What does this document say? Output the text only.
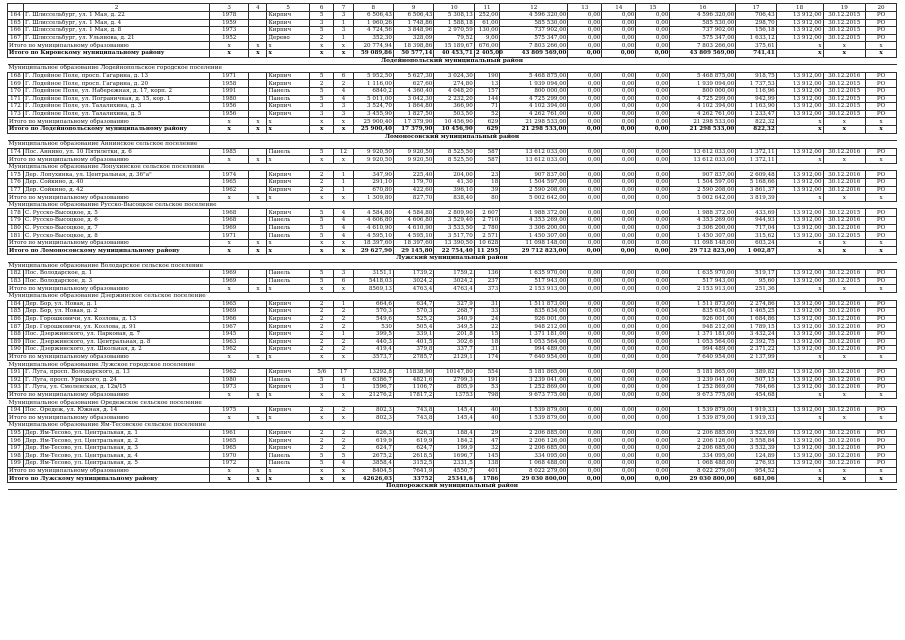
	2	3	4	5	6	7	8	9	10	11	12	13	14	15	16	17	18	19	20
164	Г. Шлиссельбург, ул. 1 Мая, д. 22	1978		Кирпич	5	3	6 506,43	6 506,43	5 308,13	252,00	4 596 320,00	0,00	0,00	0,00	4 596 320,00	706,43	13 912,00	30.12.2015	РО
165	Г. Шлиссельбург, ул. 1 Мая, д. 4	1959		Кирпич	3	1	1 960,26	1 748,86	1 588,18	61,00	585 530,00	0,00	0,00	0,00	585 530,00	298,70	13 912,00	30.12.2015	РО
166	Г. Шлиссельбург, ул. 1 Мая, д. 8	1973		Кирпич	5	3	4 724,56	3 848,96	2 970,59	130,00	737 902,00	0,00	0,00	0,00	737 902,00	156,18	13 912,00	30.12.2015	РО
167	Г. Шлиссельбург, ул. Ульянова, д. 21	1952		Дерево	2	1	352,30	328,09	79,52	9,00	575 347,00	0,00	0,00	0,00	575 347,00	1 633,12	13 912,00	30.12.2015	РО
Итого по муниципальному образованию		x	x	x	x	x	20 774,94	18 398,86	15 189,67	676,00	7 803 266,00	0,00	0,00	0,00	7 803 266,00	375,61	x	x	x
Итого по Кировскому муниципальному району		x	x	x	x	x	59 089,86	50 577,14	40 453,71	2 405,00	43 809 569,00	0,00	0,00	0,00	43 809 569,00	741,41	x	x	x
Лодейнопольский муниципальный район																			
Муниципальное образование Лодейнопольское городское поселение																			
168	Г. Лодейное Поле, просп. Гагарина, д. 13	1971		Кирпич	5	6	5 952,50	5 627,30	3 024,30	190	5 468 875,00	0,00	0,00	0,00	5 468 875,00	918,75	13 912,00	30.12.2016	РО
169	Г. Лодейное Поле, просп. Гагарина, д. 20	1958		Кирпич	2	2	1 116,00	627,60	274,80	13	1 939 094,00	0,00	0,00	0,00	1 939 094,00	1 737,53	13 912,00	30.12.2015	РО
170	Г. Лодейное Поле, ул. Набережная, д. 17, корп. 2	1991		Панель	5	4	6840,2	4 360,40	4 048,20	157	800 000,00	0,00	0,00	0,00	800 000,00	116,96	13 912,00	30.12.2015	РО
171	Г. Лодейное Поле, ул. Пограничная, д. 15, кор. 1	1980		Панель	5	4	5 011,00	3 042,30	2 232,20	144	4 725 299,00	0,00	0,00	0,00	4 725 299,00	942,99	13 912,00	30.12.2015	РО
172	Г. Лодейное Поле, ул. Талалихина, д. 3	1956		Кирпич	3	3	3 524,70	1 864,80	366,90	71	4 102 394,00	0,00	0,00	0,00	4 102 394,00	1 163,90	13 912,00	30.12.2015	РО
173	Г. Лодейное Поле, ул. Талалихина, д. 5	1956		Кирпич	3	3	3 455,90	1 827,50	503,50	52	4 262 761,00	0,00	0,00	0,00	4 262 761,00	1 233,47	13 912,00	30.12.2015	РО
Итого по муниципальному образованию		x	x	x	x	x	25 900,40	17 379,90	10 456,90	629	21 298 533,00	0,00	0,00	0,00	21 298 533,00	822,32	x	x	x
Итого по Лодейнопольскому муниципальному району		x	x	x	x	x	25 900,40	17 379,90	10 456,90	629	21 298 533,00	0,00	0,00	0,00	21 298 533,00	822,32	x	x	x
Ломоносовский муниципальный район																			
Муниципальное образование Аннинское сельское поселение																			
174	Пос. Аннино, ул. 10 Пятилетки, д. 6	1985		Панель	5	12	9 920,50	9 920,50	8 525,50	587	13 612 033,00	0,00	0,00	0,00	13 612 033,00	1 372,11	13 912,00	30.12.2016	РО
Итого по муниципальному образованию		x	x	x	x	x	9 920,50	9 920,50	8 525,50	587	13 612 033,00	0,00	0,00	0,00	13 612 033,00	1 372,11	x	x	x
Муниципальное образование Лопухинское сельское поселение																			
175	Дер. Лопухинка, ул. Центральная, д. 36"а"	1974		Кирпич	2	1	347,90	225,40	204,00	23	907 837,00	0,00	0,00	0,00	907 837,00	2 609,48	13 912,00	30.12.2016	РО
176	Дер. Сойкино, д. 40	1965		Кирпич	2	1	291,10	179,70	41,30	18	1 504 597,00	0,00	0,00	0,00	1 504 597,00	5 168,66	13 912,00	30.12.2016	РО
177	Дер. Сойкино, д. 42	1962		Кирпич	2	1	670,80	422,60	396,10	39	2 590 208,00	0,00	0,00	0,00	2 590 208,00	3 861,37	13 912,00	30.12.2016	РО
Итого по муниципальному образованию		x	x	x	x	x	1 309,80	827,70	838,40	80	5 002 642,00	0,00	0,00	0,00	5 002 642,00	3 819,39	x	x	x
Муниципальное образование Русско-Высоцкое сельское поселение																			
178	С. Русско-Высоцкое, д. 5	1968		Кирпич	5	4	4 584,80	4 584,80	2 809,90	2 607	1 988 372,00	0,00	0,00	0,00	1 988 372,00	433,69	13 912,00	30.12.2015	РО
179	С. Русско-Высоцкое, д. 6	1968		Панель	5	4	4 606,80	4 606,80	3 529,40	2 710	4 353 269,00	0,00	0,00	0,00	4 353 269,00	944,93	13 912,00	30.12.2016	РО
180	С. Русско-Высоцкое, д. 7	1969		Панель	5	4	4 610,90	4 610,90	3 533,50	2 780	3 306 200,00	0,00	0,00	0,00	3 306 200,00	717,04	13 912,00	30.12.2016	РО
181	С. Русско-Высоцкое, д. 8	1971		Панель	5	4	4 595,10	4 595,10	3 517,70	2 571	1 450 307,00	0,00	0,00	0,00	1 450 307,00	315,62	13 912,00	30.12.2015	РО
Итого по муниципальному образованию		x	x	x	x	x	18 397,60	18 397,60	13 390,50	10 628	11 098 148,00	0,00	0,00	0,00	11 098 148,00	603,24	x	x	x
Итого по Ломоносовскому муниципальному району		x	x	x	x	x	29 627,90	29 145,80	22 754,40	11 295	29 712 823,00	0,00	0,00	0,00	29 712 823,00	1 002,87	x	x	x
Лужский муниципальный район																			
Муниципальное образование Володарское сельское поселение																			
182	Пос. Володарское, д. 1	1969		Панель	5	3	3151,1	1739,2	1759,2	136	1 635 970,00	0,00	0,00	0,00	1 635 970,00	519,17	13 912,00	30.12.2016	РО
183	Пос. Володарское, д. 3	1969		Панель	5	6	5418,03	3024,2	3024,2	237	517 943,00	0,00	0,00	0,00	517 943,00	95,60	13 912,00	30.12.2015	РО
Итого по муниципальному образованию		x	x	x	x	x	8569,13	4763,4	4763,4	373	2 153 913,00	0,00	0,00	0,00	2 153 913,00	251,36	x	x	x
Муниципальное образование Дзержинское сельское поселение																			
184	Дер. Бор, ул. Новая, д. 1	1965		Кирпич	2	1	664,6	634,7	327,9	31	1 511 873,00	0,00	0,00	0,00	1 511 873,00	2 274,86	13 912,00	30.12.2016	РО
185	Дер. Бор, ул. Новая, д. 2	1969		Кирпич	2	2	570,3	570,3	268,7	33	835 634,00	0,00	0,00	0,00	835 634,00	1 465,25	13 912,00	30.12.2016	РО
186	Дер. Горошковичи, ул. Козлова, д. 13	1966		Кирпич	2	2	549,6	525,2	340,9	24	926 001,00	0,00	0,00	0,00	926 001,00	1 684,86	13 912,00	30.12.2016	РО
187	Дер. Горошковичи, ул. Козлова, д. 91	1967		Кирпич	2	2	530	505,4	349,5	22	948 212,00	0,00	0,00	0,00	948 212,00	1 789,15	13 912,00	30.12.2016	РО
188	Пос. Дзержинского, ул. Парковая, д. 7	1945		Кирпич	2	1	399,5	339,1	201,8	15	1 371 181,00	0,00	0,00	0,00	1 371 181,00	3 432,24	13 912,00	30.12.2016	РО
189	Пос. Дзержинского, ул. Центральная, д. 8	1963		Кирпич	2	2	440,3	401,5	302,6	18	1 053 564,00	0,00	0,00	0,00	1 053 564,00	2 392,75	13 912,00	30.12.2016	РО
190	Пос. Дзержинского, ул. Школьная, д. 2	1962		Кирпич	2	2	419,4	379,8	337,7	31	994 489,00	0,00	0,00	0,00	994 489,00	2 371,22	13 912,00	30.12.2016	РО
Итого по муниципальному образованию		x	x	x	x	x	3573,7	2785,7	2129,1	174	7 640 954,00	0,00	0,00	0,00	7 640 954,00	2 137,99	x	x	x
Муниципальное образование Лужское городское поселение																			
191	Г. Луга, просп. Володарского, д. 13	1962		Кирпич	5/6	17	13292,8	11838,90	10147,80	554	5 181 865,00	0,00	0,00	0,00	5 181 865,00	389,82	13 912,00	30.12.2016	РО
192	Г. Луга, просп. Урицкого, д. 24	1980		Панель	5	6	6386,7	4821,6	2799,3	191	3 239 041,00	0,00	0,00	0,00	3 239 041,00	507,15	13 912,00	30.12.2016	РО
193	Г. Луга, ул. Смоленская, д. 12в/15	1973		Кирпич	3	1	1596,7	1106,7	805,9	53	1 252 869,00	0,00	0,00	0,00	1 252 869,00	784,66	13 912,00	30.12.2016	РО
Итого по муниципальному образованию		x	x	x	x	x	21276,2	17817,2	13753	798	9 673 775,00	0,00	0,00	0,00	9 673 775,00	454,68	x	x	x
Муниципальное образование Оредежское сельское поселение																			
194	Пос. Оредеж, ул. Южная, д. 14	1975		Кирпич	2	2	802,3	743,8	145,4	40	1 539 879,00	0,00	0,00	0,00	1 539 879,00	1 919,33	13 912,00	30.12.2016	РО
Итого по муниципальному образованию		x	x	x	x	x	802,3	743,8	145,4	40	1 539 879,00	0,00	0,00	0,00	1 539 879,00	1 919,33	x	x	x
Муниципальное образование Ям-Тесовское сельское поселение																			
195	Дер. Ям-Тесово, ул. Центральная, д. 1	1961		Кирпич	2	2	626,3	626,3	188,4	29	2 206 885,00	0,00	0,00	0,00	2 206 885,00	3 523,69	13 912,00	30.12.2016	РО
196	Дер. Ям-Тесово, ул. Центральная, д. 2	1965		Кирпич	2	2	619,9	619,9	184,2	47	2 206 126,00	0,00	0,00	0,00	2 206 126,00	3 558,84	13 912,00	30.12.2016	РО
197	Дер. Ям-Тесово, ул. Центральная, д. 3	1965		Кирпич	2	2	624,7	624,7	199,9	32	2 206 685,00	0,00	0,00	0,00	2 206 685,00	3 532,39	13 912,00	30.12.2016	РО
198	Дер. Ям-Тесово, ул. Центральная, д. 4	1970		Панель	5	5	2675,2	2618,5	1696,7	145	334 095,00	0,00	0,00	0,00	334 095,00	124,89	13 912,00	30.12.2016	РО
199	Дер. Ям-Тесово, ул. Центральная, д. 5	1972		Панель	5	4	3858,4	3152,5	2331,5	138	1 068 488,00	0,00	0,00	0,00	1 068 488,00	276,93	13 912,00	30.12.2016	РО
Итого по муниципальному образованию		x	x	x	x	x	8404,5	7641,9	4550,7	401	8 022 279,00	0,00	0,00	0,00	8 022 279,00	954,52	x	x	x
Итого по Лужскому муниципальному району		x	x	x	x	x	42626,03	33752	25341,6	1786	29 030 800,00	0,00	0,00	0,00	29 030 800,00	681,06	x	x	x
Подпорожский муниципальный район																			
